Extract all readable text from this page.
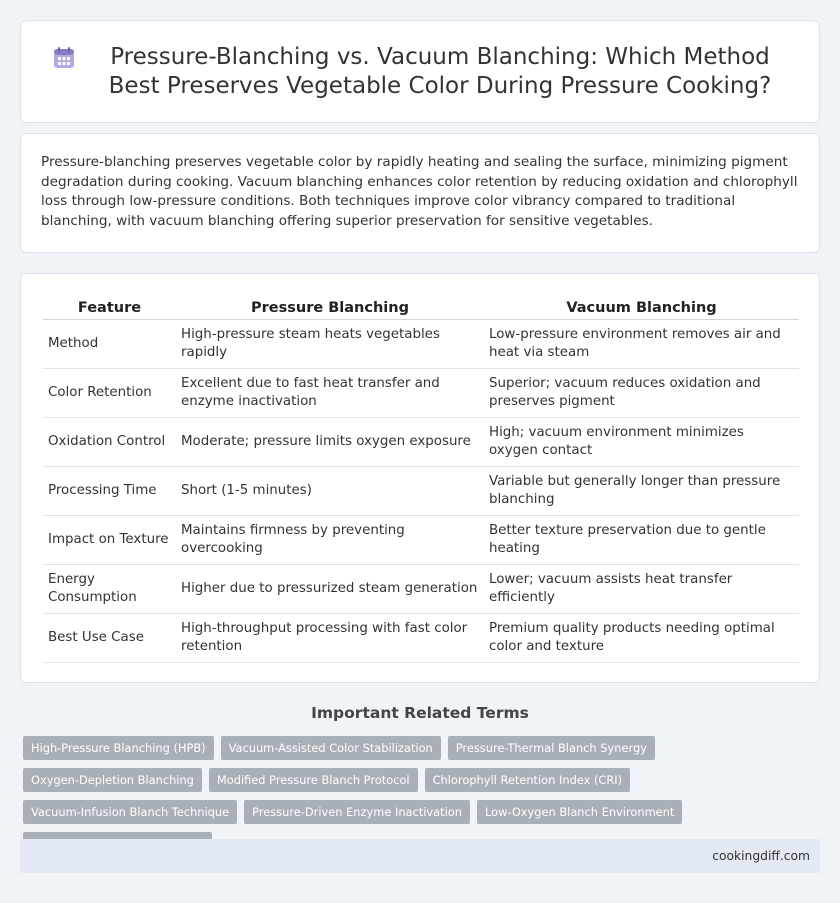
Pressure-Blanching vs. Vacuum Blanching: Which Method Best Preserves Vegetable Color During Pressure Cooking?

Pressure-blanching preserves vegetable color by rapidly heating and sealing the surface, minimizing pigment degradation during cooking. Vacuum blanching enhances color retention by reducing oxidation and chlorophyll loss through low-pressure conditions. Both techniques improve color vibrancy compared to traditional blanching, with vacuum blanching offering superior preservation for sensitive vegetables.

Feature	Pressure Blanching	Vacuum Blanching
Method	High-pressure steam heats vegetables rapidly	Low-pressure environment removes air and heat via steam
Color Retention	Excellent due to fast heat transfer and enzyme inactivation	Superior; vacuum reduces oxidation and preserves pigment
Oxidation Control	Moderate; pressure limits oxygen exposure	High; vacuum environment minimizes oxygen contact
Processing Time	Short (1-5 minutes)	Variable but generally longer than pressure blanching
Impact on Texture	Maintains firmness by preventing overcooking	Better texture preservation due to gentle heating
Energy Consumption	Higher due to pressurized steam generation	Lower; vacuum assists heat transfer efficiently
Best Use Case	High-throughput processing with fast color retention	Premium quality products needing optimal color and texture
Important Related Terms
High-Pressure Blanching (HPB)	Vacuum-Assisted Color Stabilization	Pressure-Thermal Blanch Synergy
Oxygen-Depletion Blanching	Modified Pressure Blanch Protocol	Chlorophyll Retention Index (CRI)
Vacuum-Infusion Blanch Technique	Pressure-Driven Enzyme Inactivation	Low-Oxygen Blanch Environment
cookingdiff.com
